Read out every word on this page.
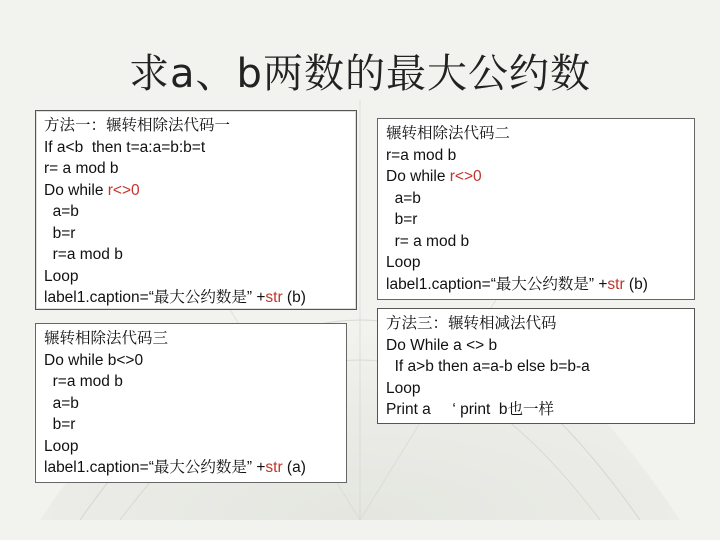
求a、b两数的最大公约数
方法一：辗转相除法代码一
If a<b  then t=a:a=b:b=t
r= a mod b
Do while r<>0
a=b
b=r
r=a mod b
Loop
label1.caption=“最大公约数是” +str (b)
辗转相除法代码二
r=a mod b
Do while r<>0
a=b
b=r
r= a mod b
Loop
label1.caption=“最大公约数是” +str (b)
辗转相除法代码三
Do while b<>0
r=a mod b
a=b
b=r
Loop
label1.caption=“最大公约数是” +str (a)
方法三：辗转相减法代码
Do While a <> b
If a>b then a=a-b else b=b-a
Loop
Print a     ‘ print  b也一样
